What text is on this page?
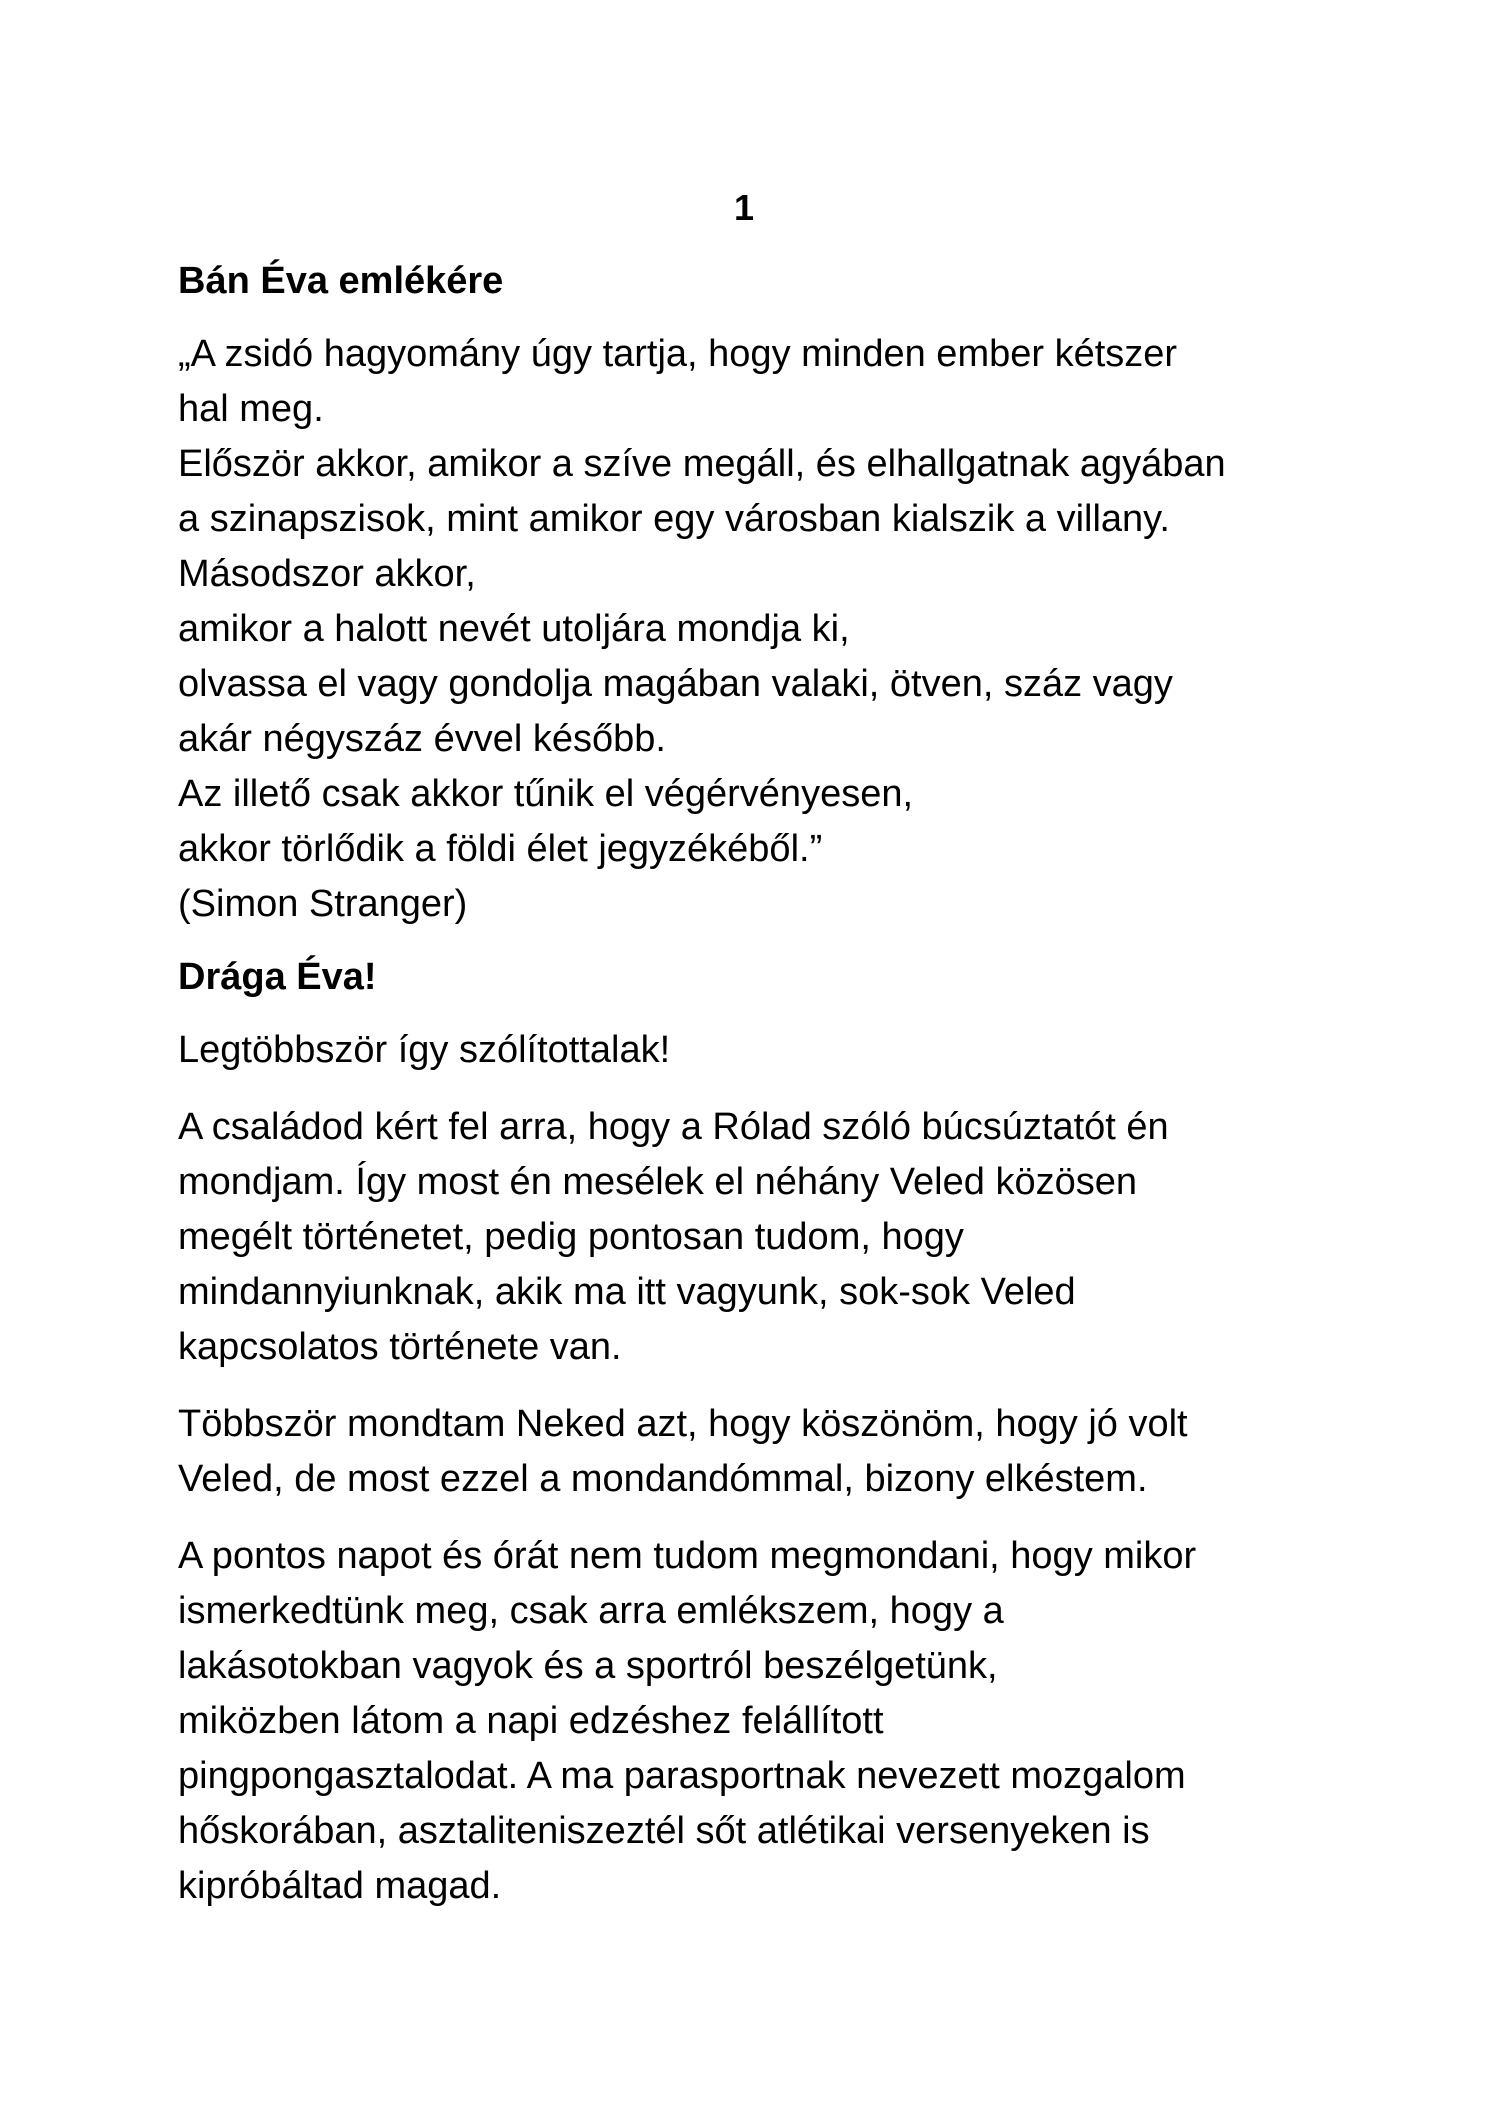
1
Bán Éva emlékére

„A zsidó hagyomány úgy tartja, hogy minden ember kétszer
hal meg.
Először akkor, amikor a szíve megáll, és elhallgatnak agyában
a szinapszisok, mint amikor egy városban kialszik a villany.
Másodszor akkor,
amikor a halott nevét utoljára mondja ki,
olvassa el vagy gondolja magában valaki, ötven, száz vagy
akár négyszáz évvel később.
Az illető csak akkor tűnik el végérvényesen,
akkor törlődik a földi élet jegyzékéből.”
(Simon Stranger)

Drága Éva!

Legtöbbször így szólítottalak!

A családod kért fel arra, hogy a Rólad szóló búcsúztatót én
mondjam. Így most én mesélek el néhány Veled közösen
megélt történetet, pedig pontosan tudom, hogy
mindannyiunknak, akik ma itt vagyunk, sok-sok Veled
kapcsolatos története van.

Többször mondtam Neked azt, hogy köszönöm, hogy jó volt
Veled, de most ezzel a mondandómmal, bizony elkéstem.

A pontos napot és órát nem tudom megmondani, hogy mikor
ismerkedtünk meg, csak arra emlékszem, hogy a
lakásotokban vagyok és a sportról beszélgetünk,
miközben látom a napi edzéshez felállított
pingpongasztalodat. A ma parasportnak nevezett mozgalom
hőskorában, asztaliteniszeztél sőt atlétikai versenyeken is
kipróbáltad magad.
